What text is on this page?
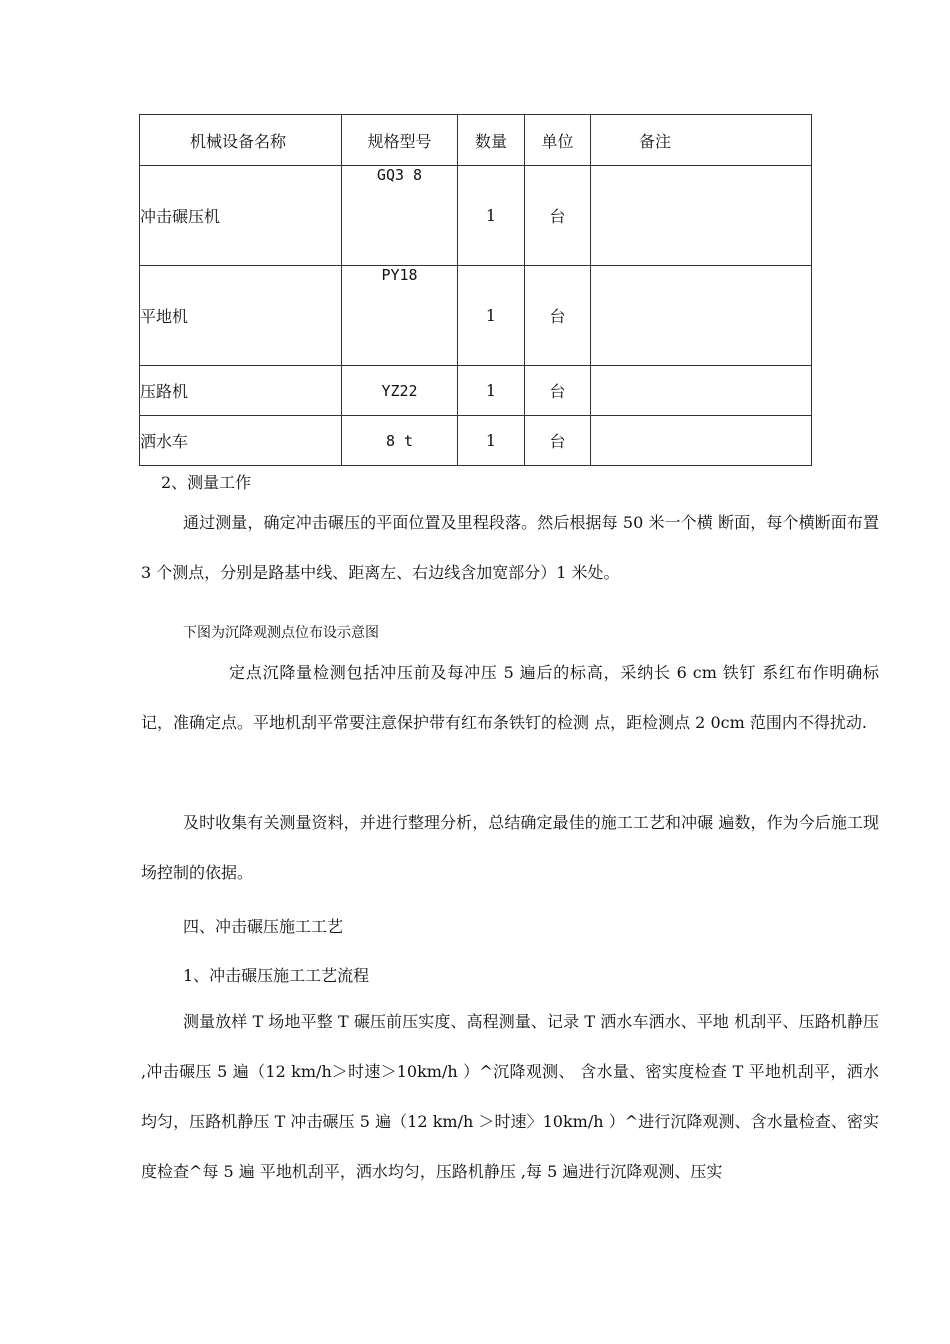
机械设备名称	规格型号	数量	单位	备注
冲击碾压机	GQ3 8	1	台	
平地机	PY18	1	台	
压路机	YZ22	1	台	
洒水车	8 t	1	台	
2、测量工作
通过测量，确定冲击碾压的平面位置及里程段落。然后根据每 50 米一个横 断面，每个横断面布置 3 个测点，分别是路基中线、距离左、右边线含加宽部分）1 米处。
下图为沉降观测点位布设示意图
定点沉降量检测包括冲压前及每冲压 5 遍后的标高，采纳长 6 cm 铁钉 系红布作明确标记，准确定点。平地机刮平常要注意保护带有红布条铁钉的检测 点，距检测点 2 0cm 范围内不得扰动.
及时收集有关测量资料，并进行整理分析，总结确定最佳的施工工艺和冲碾 遍数，作为今后施工现场控制的依据。
四、冲击碾压施工工艺
1、冲击碾压施工工艺流程
测量放样 T 场地平整 T 碾压前压实度、高程测量、记录 T 洒水车洒水、平地 机刮平、压路机静压 ,冲击碾压 5 遍（12 km/h＞时速＞10km/h ）^沉降观测、 含水量、密实度检查 T 平地机刮平，洒水均匀，压路机静压 T 冲击碾压 5 遍（12 km/h ＞时速〉10km/h ）^进行沉降观测、含水量检查、密实度检查^每 5 遍 平地机刮平，洒水均匀，压路机静压 ,每 5 遍进行沉降观测、压实
